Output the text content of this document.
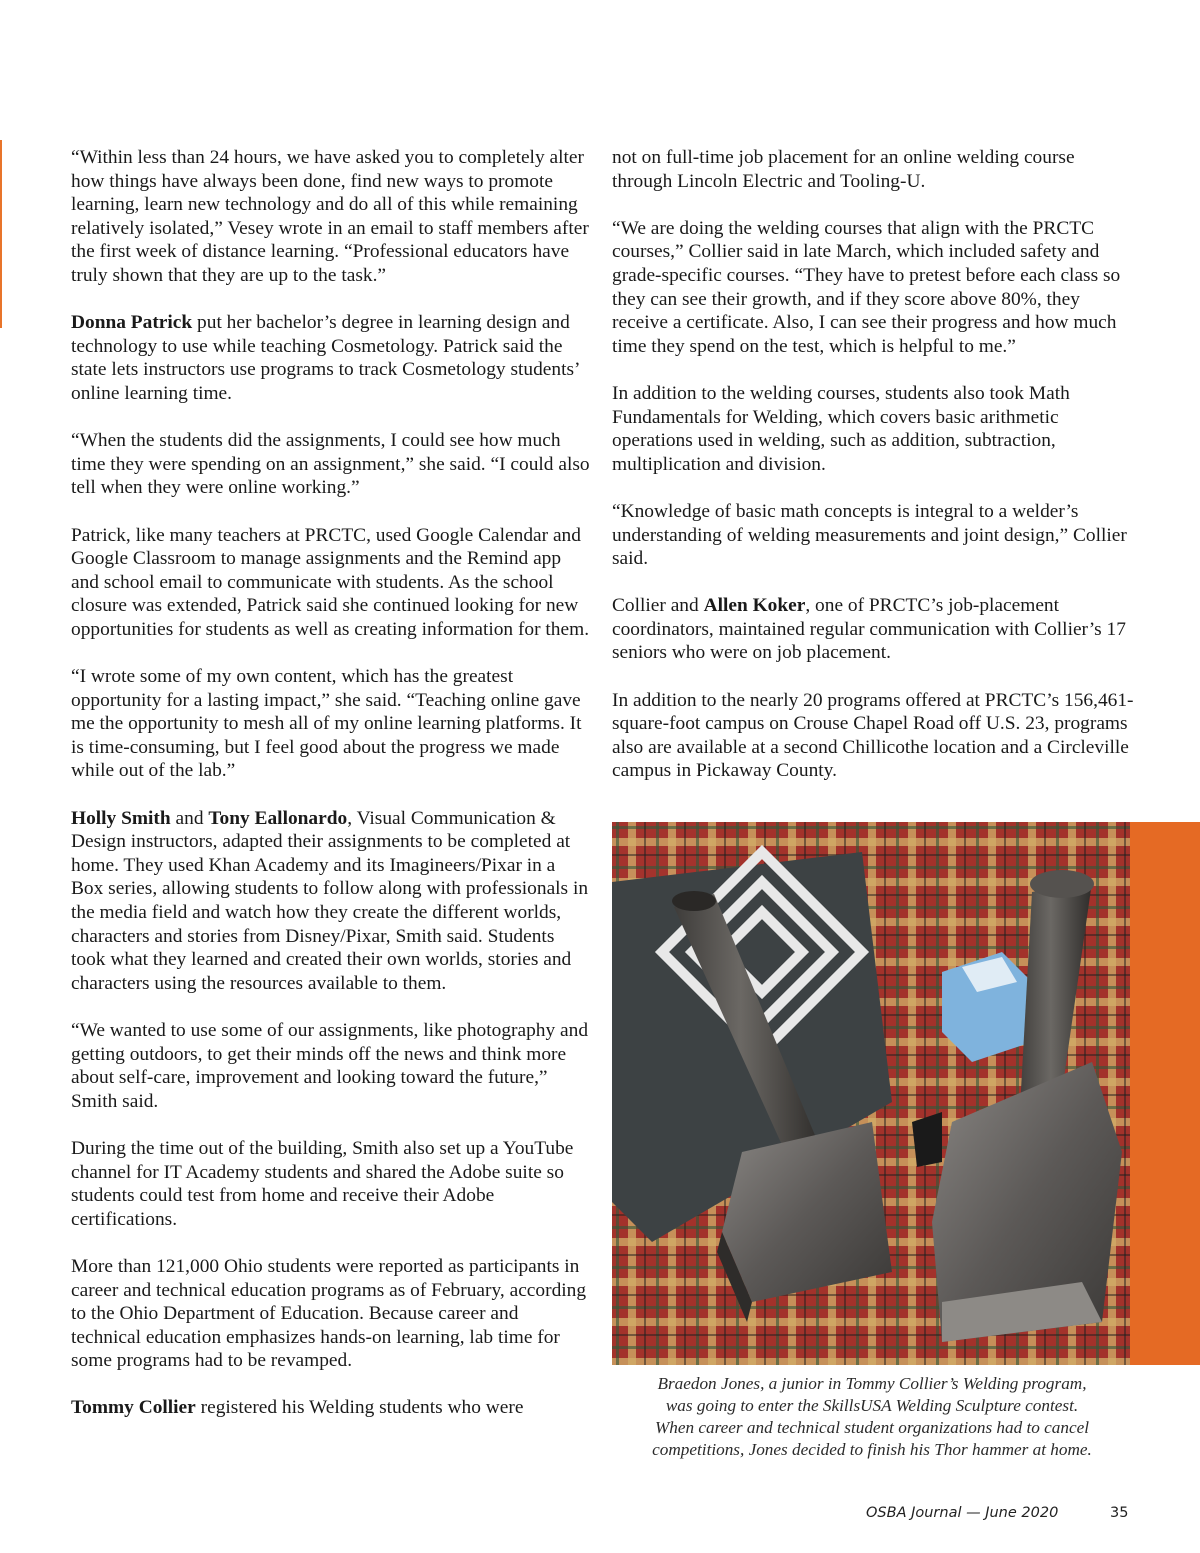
“Within less than 24 hours, we have asked you to completely alter how things have always been done, find new ways to promote learning, learn new technology and do all of this while remaining relatively isolated,” Vesey wrote in an email to staff members after the first week of distance learning. “Professional educators have truly shown that they are up to the task.”

Donna Patrick put her bachelor’s degree in learning design and technology to use while teaching Cosmetology. Patrick said the state lets instructors use programs to track Cosmetology students’ online learning time.

“When the students did the assignments, I could see how much time they were spending on an assignment,” she said. “I could also tell when they were online working.”

Patrick, like many teachers at PRCTC, used Google Calendar and Google Classroom to manage assignments and the Remind app and school email to communicate with students. As the school closure was extended, Patrick said she continued looking for new opportunities for students as well as creating information for them.

“I wrote some of my own content, which has the greatest opportunity for a lasting impact,” she said. “Teaching online gave me the opportunity to mesh all of my online learning platforms. It is time-consuming, but I feel good about the progress we made while out of the lab.”

Holly Smith and Tony Eallonardo, Visual Communication & Design instructors, adapted their assignments to be completed at home. They used Khan Academy and its Imagineers/Pixar in a Box series, allowing students to follow along with professionals in the media field and watch how they create the different worlds, characters and stories from Disney/Pixar, Smith said. Students took what they learned and created their own worlds, stories and characters using the resources available to them.

“We wanted to use some of our assignments, like photography and getting outdoors, to get their minds off the news and think more about self-care, improvement and looking toward the future,” Smith said.

During the time out of the building, Smith also set up a YouTube channel for IT Academy students and shared the Adobe suite so students could test from home and receive their Adobe certifications.

More than 121,000 Ohio students were reported as participants in career and technical education programs as of February, according to the Ohio Department of Education. Because career and technical education emphasizes hands-on learning, lab time for some programs had to be revamped.

Tommy Collier registered his Welding students who were

not on full-time job placement for an online welding course through Lincoln Electric and Tooling-U.

“We are doing the welding courses that align with the PRCTC courses,” Collier said in late March, which included safety and grade-specific courses. “They have to pretest before each class so they can see their growth, and if they score above 80%, they receive a certificate. Also, I can see their progress and how much time they spend on the test, which is helpful to me.”

In addition to the welding courses, students also took Math Fundamentals for Welding, which covers basic arithmetic operations used in welding, such as addition, subtraction, multiplication and division.

“Knowledge of basic math concepts is integral to a welder’s understanding of welding measurements and joint design,” Collier said.

Collier and Allen Koker, one of PRCTC’s job-placement coordinators, maintained regular communication with Collier’s 17 seniors who were on job placement.

In addition to the nearly 20 programs offered at PRCTC’s 156,461-square-foot campus on Crouse Chapel Road off U.S. 23, programs also are available at a second Chillicothe location and a Circleville campus in Pickaway County.

Braedon Jones, a junior in Tommy Collier’s Welding program,
was going to enter the SkillsUSA Welding Sculpture contest.
When career and technical student organizations had to cancel
competitions, Jones decided to finish his Thor hammer at home.
OSBA Journal — June 2020	35
